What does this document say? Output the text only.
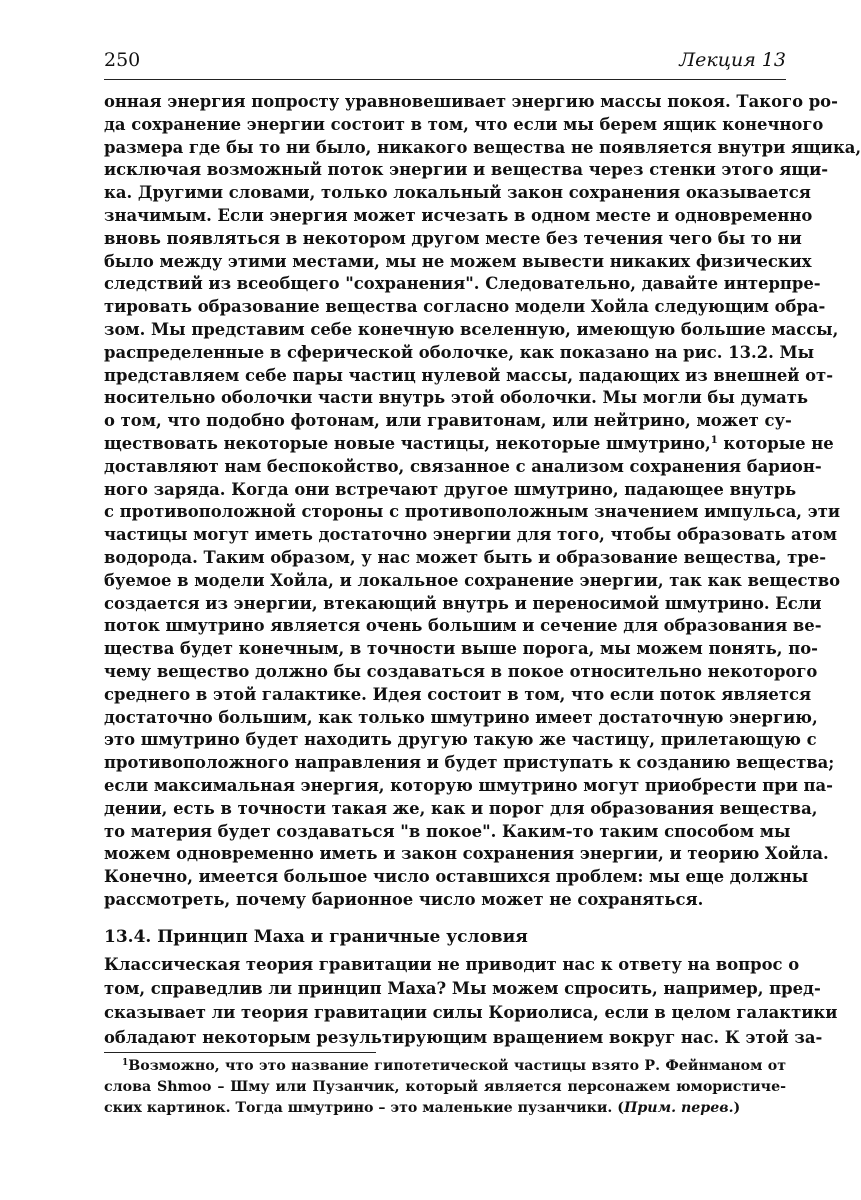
250	Лекция 13
онная энергия попросту уравновешивает энергию массы покоя. Такого ро-
да сохранение энергии состоит в том, что если мы берем ящик конечного
размера где бы то ни было, никакого вещества не появляется внутри ящика,
исключая возможный поток энергии и вещества через стенки этого ящи-
ка. Другими словами, только локальный закон сохранения оказывается
значимым. Если энергия может исчезать в одном месте и одновременно
вновь появляться в некотором другом месте без течения чего бы то ни
было между этими местами, мы не можем вывести никаких физических
следствий из всеобщего "сохранения". Следовательно, давайте интерпре-
тировать образование вещества согласно модели Хойла следующим обра-
зом. Мы представим себе конечную вселенную, имеющую большие массы,
распределенные в сферической оболочке, как показано на рис. 13.2. Мы
представляем себе пары частиц нулевой массы, падающих из внешней от-
носительно оболочки части внутрь этой оболочки. Мы могли бы думать
о том, что подобно фотонам, или гравитонам, или нейтрино, может су-
ществовать некоторые новые частицы, некоторые шмутрино,$^1$ которые не
доставляют нам беспокойство, связанное с анализом сохранения барион-
ного заряда. Когда они встречают другое шмутрино, падающее внутрь
с противоположной стороны с противоположным значением импульса, эти
частицы могут иметь достаточно энергии для того, чтобы образовать атом
водорода. Таким образом, у нас может быть и образование вещества, тре-
буемое в модели Хойла, и локальное сохранение энергии, так как вещество
создается из энергии, втекающий внутрь и переносимой шмутрино. Если
поток шмутрино является очень большим и сечение для образования ве-
щества будет конечным, в точности выше порога, мы можем понять, по-
чему вещество должно бы создаваться в покое относительно некоторого
среднего в этой галактике. Идея состоит в том, что если поток является
достаточно большим, как только шмутрино имеет достаточную энергию,
это шмутрино будет находить другую такую же частицу, прилетающую с
противоположного направления и будет приступать к созданию вещества;
если максимальная энергия, которую шмутрино могут приобрести при па-
дении, есть в точности такая же, как и порог для образования вещества,
то материя будет создаваться "в покое". Каким-то таким способом мы
можем одновременно иметь и закон сохранения энергии, и теорию Хойла.
Конечно, имеется большое число оставшихся проблем: мы еще должны
рассмотреть, почему барионное число может не сохраняться.
13.4. Принцип Маха и граничные условия
Классическая теория гравитации не приводит нас к ответу на вопрос о
том, справедлив ли принцип Маха? Мы можем спросить, например, пред-
сказывает ли теория гравитации силы Кориолиса, если в целом галактики
обладают некоторым результирующим вращением вокруг нас. К этой за-
$^1$Возможно, что это название гипотетической частицы взято Р. Фейнманом от
слова Shmoo – Шму или Пузанчик, который является персонажем юмористиче-
ских картинок. Тогда шмутрино – это маленькие пузанчики. (Прим. перев.)
